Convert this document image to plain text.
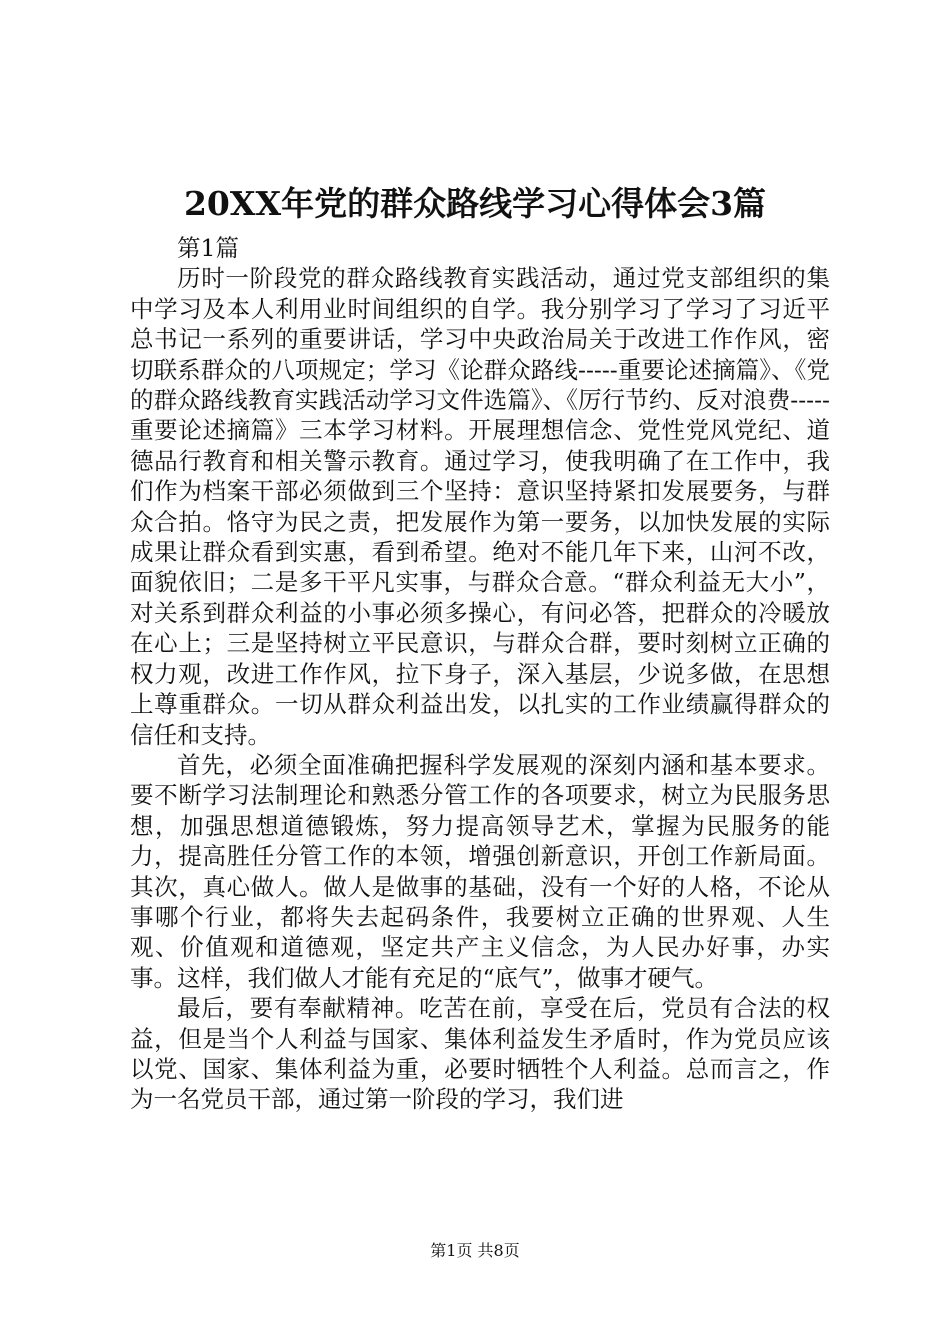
20XX年党的群众路线学习心得体会3篇

第1篇

历时一阶段党的群众路线教育实践活动，通过党支部组织的集中学习及本人利用业时间组织的自学。我分别学习了学习了习近平总书记一系列的重要讲话，学习中央政治局关于改进工作作风，密切联系群众的八项规定；学习《论群众路线-----重要论述摘篇》、《党的群众路线教育实践活动学习文件选篇》、《厉行节约、反对浪费-----重要论述摘篇》三本学习材料。开展理想信念、党性党风党纪、道德品行教育和相关警示教育。通过学习，使我明确了在工作中，我们作为档案干部必须做到三个坚持：意识坚持紧扣发展要务，与群众合拍。恪守为民之责，把发展作为第一要务，以加快发展的实际成果让群众看到实惠，看到希望。绝对不能几年下来，山河不改，面貌依旧；二是多干平凡实事，与群众合意。“群众利益无大小”，对关系到群众利益的小事必须多操心，有问必答，把群众的冷暖放在心上；三是坚持树立平民意识，与群众合群，要时刻树立正确的权力观，改进工作作风，拉下身子，深入基层，少说多做，在思想上尊重群众。一切从群众利益出发，以扎实的工作业绩赢得群众的信任和支持。

首先，必须全面准确把握科学发展观的深刻内涵和基本要求。要不断学习法制理论和熟悉分管工作的各项要求，树立为民服务思想，加强思想道德锻炼，努力提高领导艺术，掌握为民服务的能力，提高胜任分管工作的本领，增强创新意识，开创工作新局面。其次，真心做人。做人是做事的基础，没有一个好的人格，不论从事哪个行业，都将失去起码条件，我要树立正确的世界观、人生观、价值观和道德观，坚定共产主义信念，为人民办好事，办实事。这样，我们做人才能有充足的“底气”，做事才硬气。

最后，要有奉献精神。吃苦在前，享受在后，党员有合法的权益，但是当个人利益与国家、集体利益发生矛盾时，作为党员应该以党、国家、集体利益为重，必要时牺牲个人利益。总而言之，作为一名党员干部，通过第一阶段的学习，我们进

第1页 共8页
